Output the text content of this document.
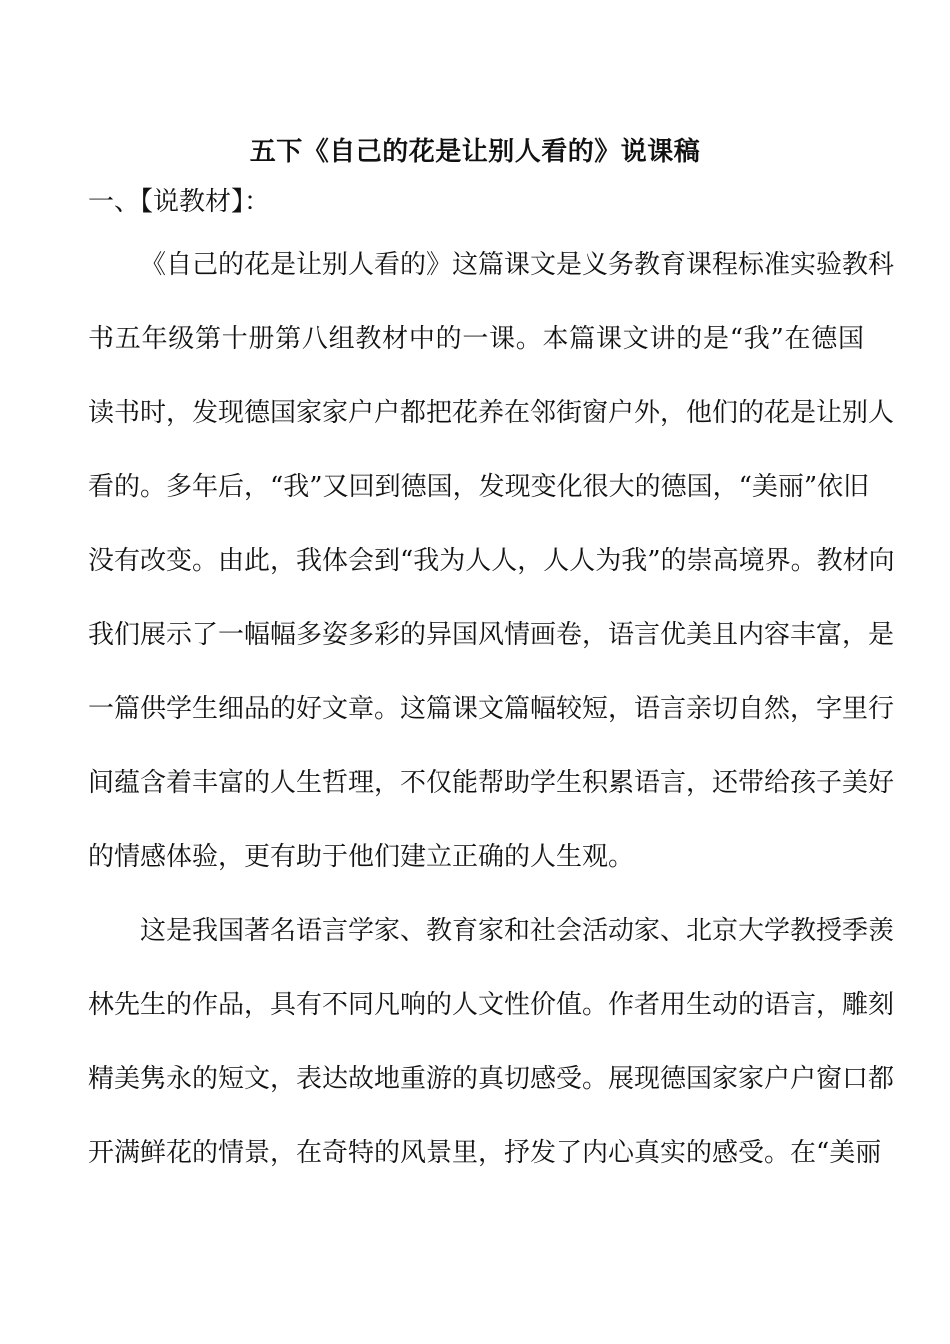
五下《自己的花是让别人看的》说课稿
一、【说教材】：
《自己的花是让别人看的》这篇课文是义务教育课程标准实验教科
书五年级第十册第八组教材中的一课。本篇课文讲的是“我”在德国
读书时，发现德国家家户户都把花养在邻街窗户外，他们的花是让别人
看的。多年后，“我”又回到德国，发现变化很大的德国，“美丽”依旧
没有改变。由此，我体会到“我为人人，人人为我”的崇高境界。教材向
我们展示了一幅幅多姿多彩的异国风情画卷，语言优美且内容丰富，是
一篇供学生细品的好文章。这篇课文篇幅较短，语言亲切自然，字里行
间蕴含着丰富的人生哲理，不仅能帮助学生积累语言，还带给孩子美好
的情感体验，更有助于他们建立正确的人生观。
这是我国著名语言学家、教育家和社会活动家、北京大学教授季羡
林先生的作品，具有不同凡响的人文性价值。作者用生动的语言，雕刻
精美隽永的短文，表达故地重游的真切感受。展现德国家家户户窗口都
开满鲜花的情景，在奇特的风景里，抒发了内心真实的感受。在“美丽
